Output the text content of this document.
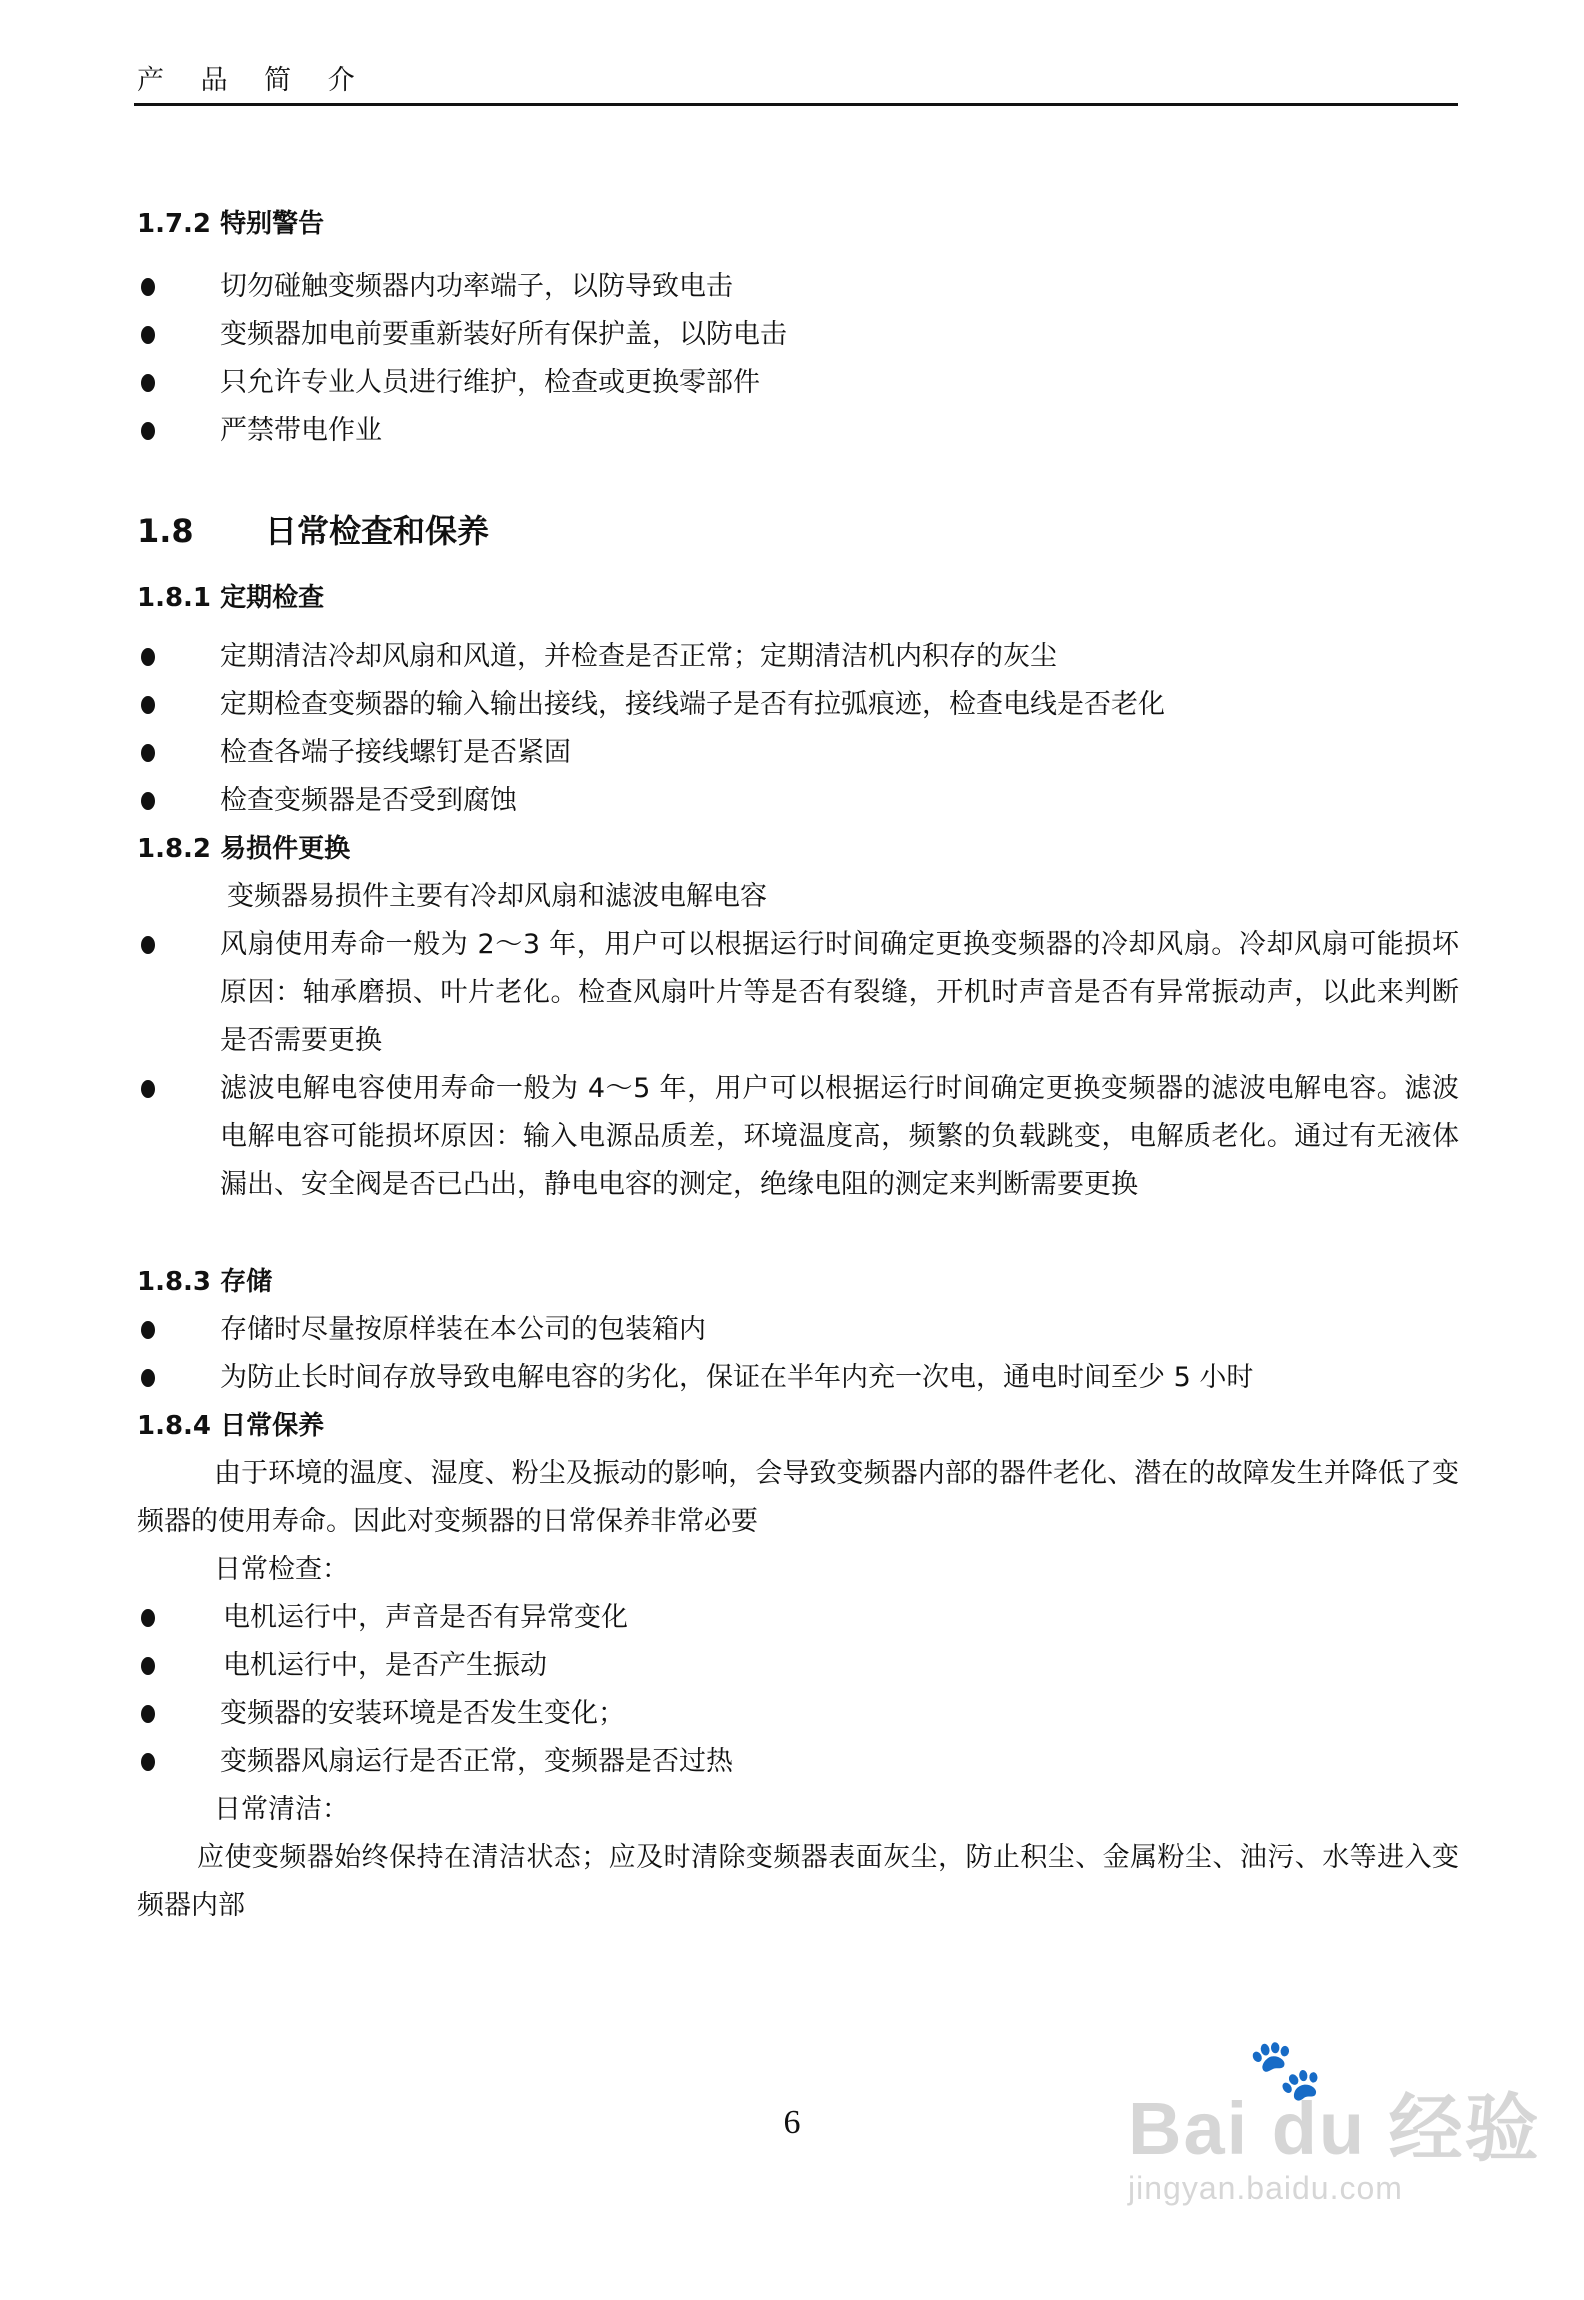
产 品 简 介
1.7.2 特别警告
切勿碰触变频器内功率端子，以防导致电击
变频器加电前要重新装好所有保护盖，以防电击
只允许专业人员进行维护，检查或更换零部件
严禁带电作业
1.8 日常检查和保养
1.8.1 定期检查
定期清洁冷却风扇和风道，并检查是否正常；定期清洁机内积存的灰尘
定期检查变频器的输入输出接线，接线端子是否有拉弧痕迹，检查电线是否老化
检查各端子接线螺钉是否紧固
检查变频器是否受到腐蚀
1.8.2 易损件更换
变频器易损件主要有冷却风扇和滤波电解电容
风扇使用寿命一般为 2～3 年，用户可以根据运行时间确定更换变频器的冷却风扇。冷却风扇可能损坏原因：轴承磨损、叶片老化。检查风扇叶片等是否有裂缝，开机时声音是否有异常振动声，以此来判断是否需要更换
滤波电解电容使用寿命一般为 4～5 年，用户可以根据运行时间确定更换变频器的滤波电解电容。滤波电解电容可能损坏原因：输入电源品质差，环境温度高，频繁的负载跳变，电解质老化。通过有无液体漏出、安全阀是否已凸出，静电电容的测定，绝缘电阻的测定来判断需要更换
1.8.3 存储
存储时尽量按原样装在本公司的包装箱内
为防止长时间存放导致电解电容的劣化，保证在半年内充一次电，通电时间至少 5 小时
1.8.4 日常保养
由于环境的温度、湿度、粉尘及振动的影响，会导致变频器内部的器件老化、潜在的故障发生并降低了变频器的使用寿命。因此对变频器的日常保养非常必要
日常检查：
电机运行中，声音是否有异常变化
电机运行中，是否产生振动
变频器的安装环境是否发生变化；
变频器风扇运行是否正常，变频器是否过热
日常清洁：
应使变频器始终保持在清洁状态；应及时清除变频器表面灰尘，防止积尘、金属粉尘、油污、水等进入变频器内部
6
🐾
Bai du 经验
jingyan.baidu.com
